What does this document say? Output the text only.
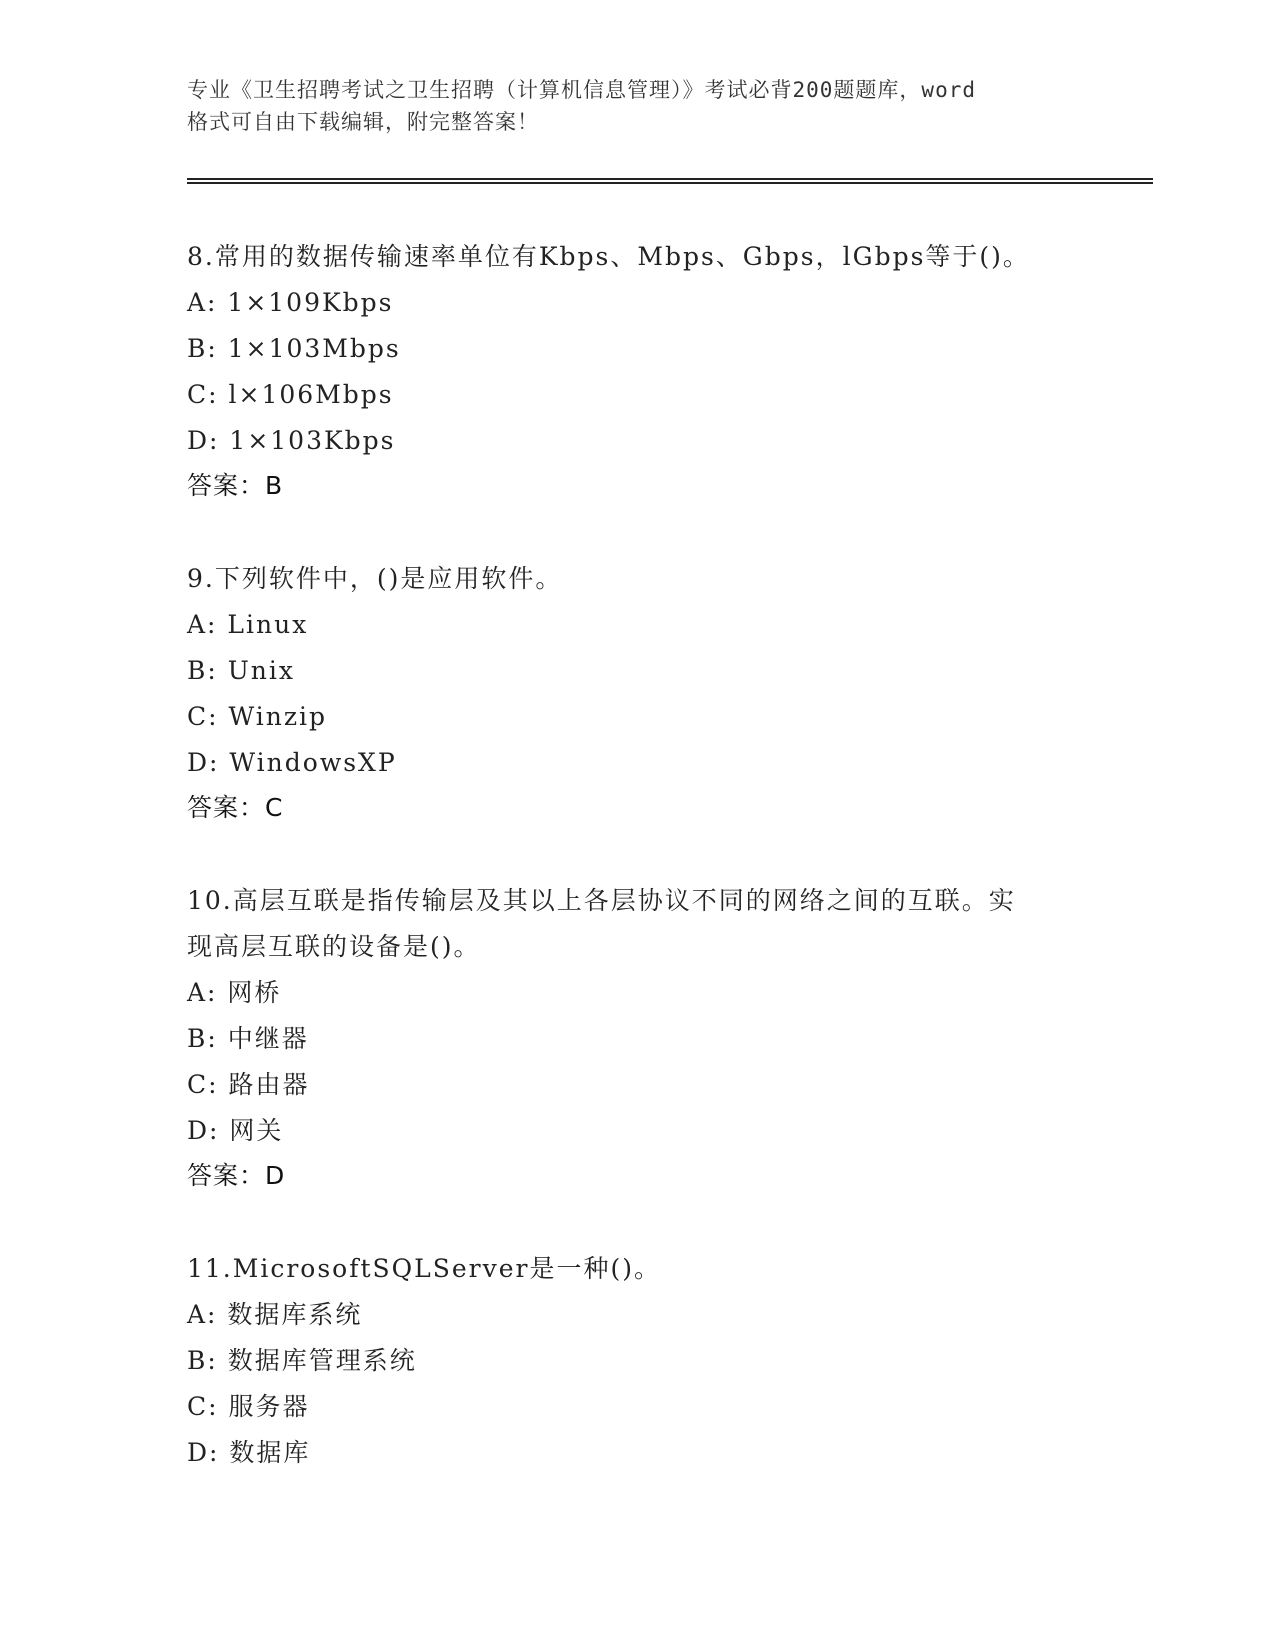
专业《卫生招聘考试之卫生招聘（计算机信息管理）》考试必背200题题库，word
格式可自由下载编辑，附完整答案！
8.常用的数据传输速率单位有Kbps、Mbps、Gbps，lGbps等于()。
A: 1×109Kbps
B: 1×103Mbps
C: l×106Mbps
D: 1×103Kbps
答案：B
9.下列软件中，()是应用软件。
A: Linux
B: Unix
C: Winzip
D: WindowsXP
答案：C
10.高层互联是指传输层及其以上各层协议不同的网络之间的互联。实
现高层互联的设备是()。
A: 网桥
B: 中继器
C: 路由器
D: 网关
答案：D
11.MicrosoftSQLServer是一种()。
A: 数据库系统
B: 数据库管理系统
C: 服务器
D: 数据库
